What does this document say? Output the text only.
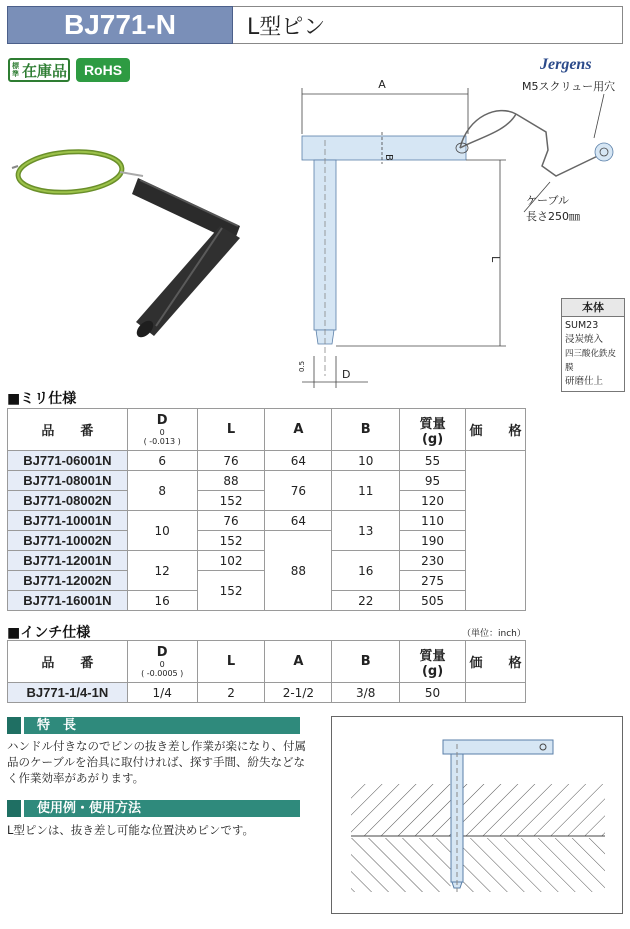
BJ771-N	L型ピン
標準 在庫品	RoHS	Jergens
A
B
L
D
0.5
M5スクリュー用穴
ケーブル
長さ250㎜
本体
SUM23
浸炭焼入
四三酸化鉄皮膜
研磨仕上
■ミリ仕様
品　　番	D
0
( -0.013 )	L	A	B	質量
(g)	価　　格
BJ771-06001N	6	76	64	10	55	
BJ771-08001N	8	88	76	11	95	
BJ771-08002N		152			120	
BJ771-10001N	10	76	64	13	110	
BJ771-10002N		152	88		190	
BJ771-12001N	12	102		16	230	
BJ771-12002N		152			275	
BJ771-16001N	16			22	505	
■インチ仕様	（単位：inch）
品　　番	D
0
( -0.0005 )	L	A	B	質量
(g)	価　　格
BJ771-1/4-1N	1/4	2	2-1/2	3/8	50	
特　長
ハンドル付きなのでピンの抜き差し作業が楽になり、付属品のケーブルを治具に取付ければ、探す手間、紛失などなく作業効率があがります。
使用例・使用方法
L型ピンは、抜き差し可能な位置決めピンです。
